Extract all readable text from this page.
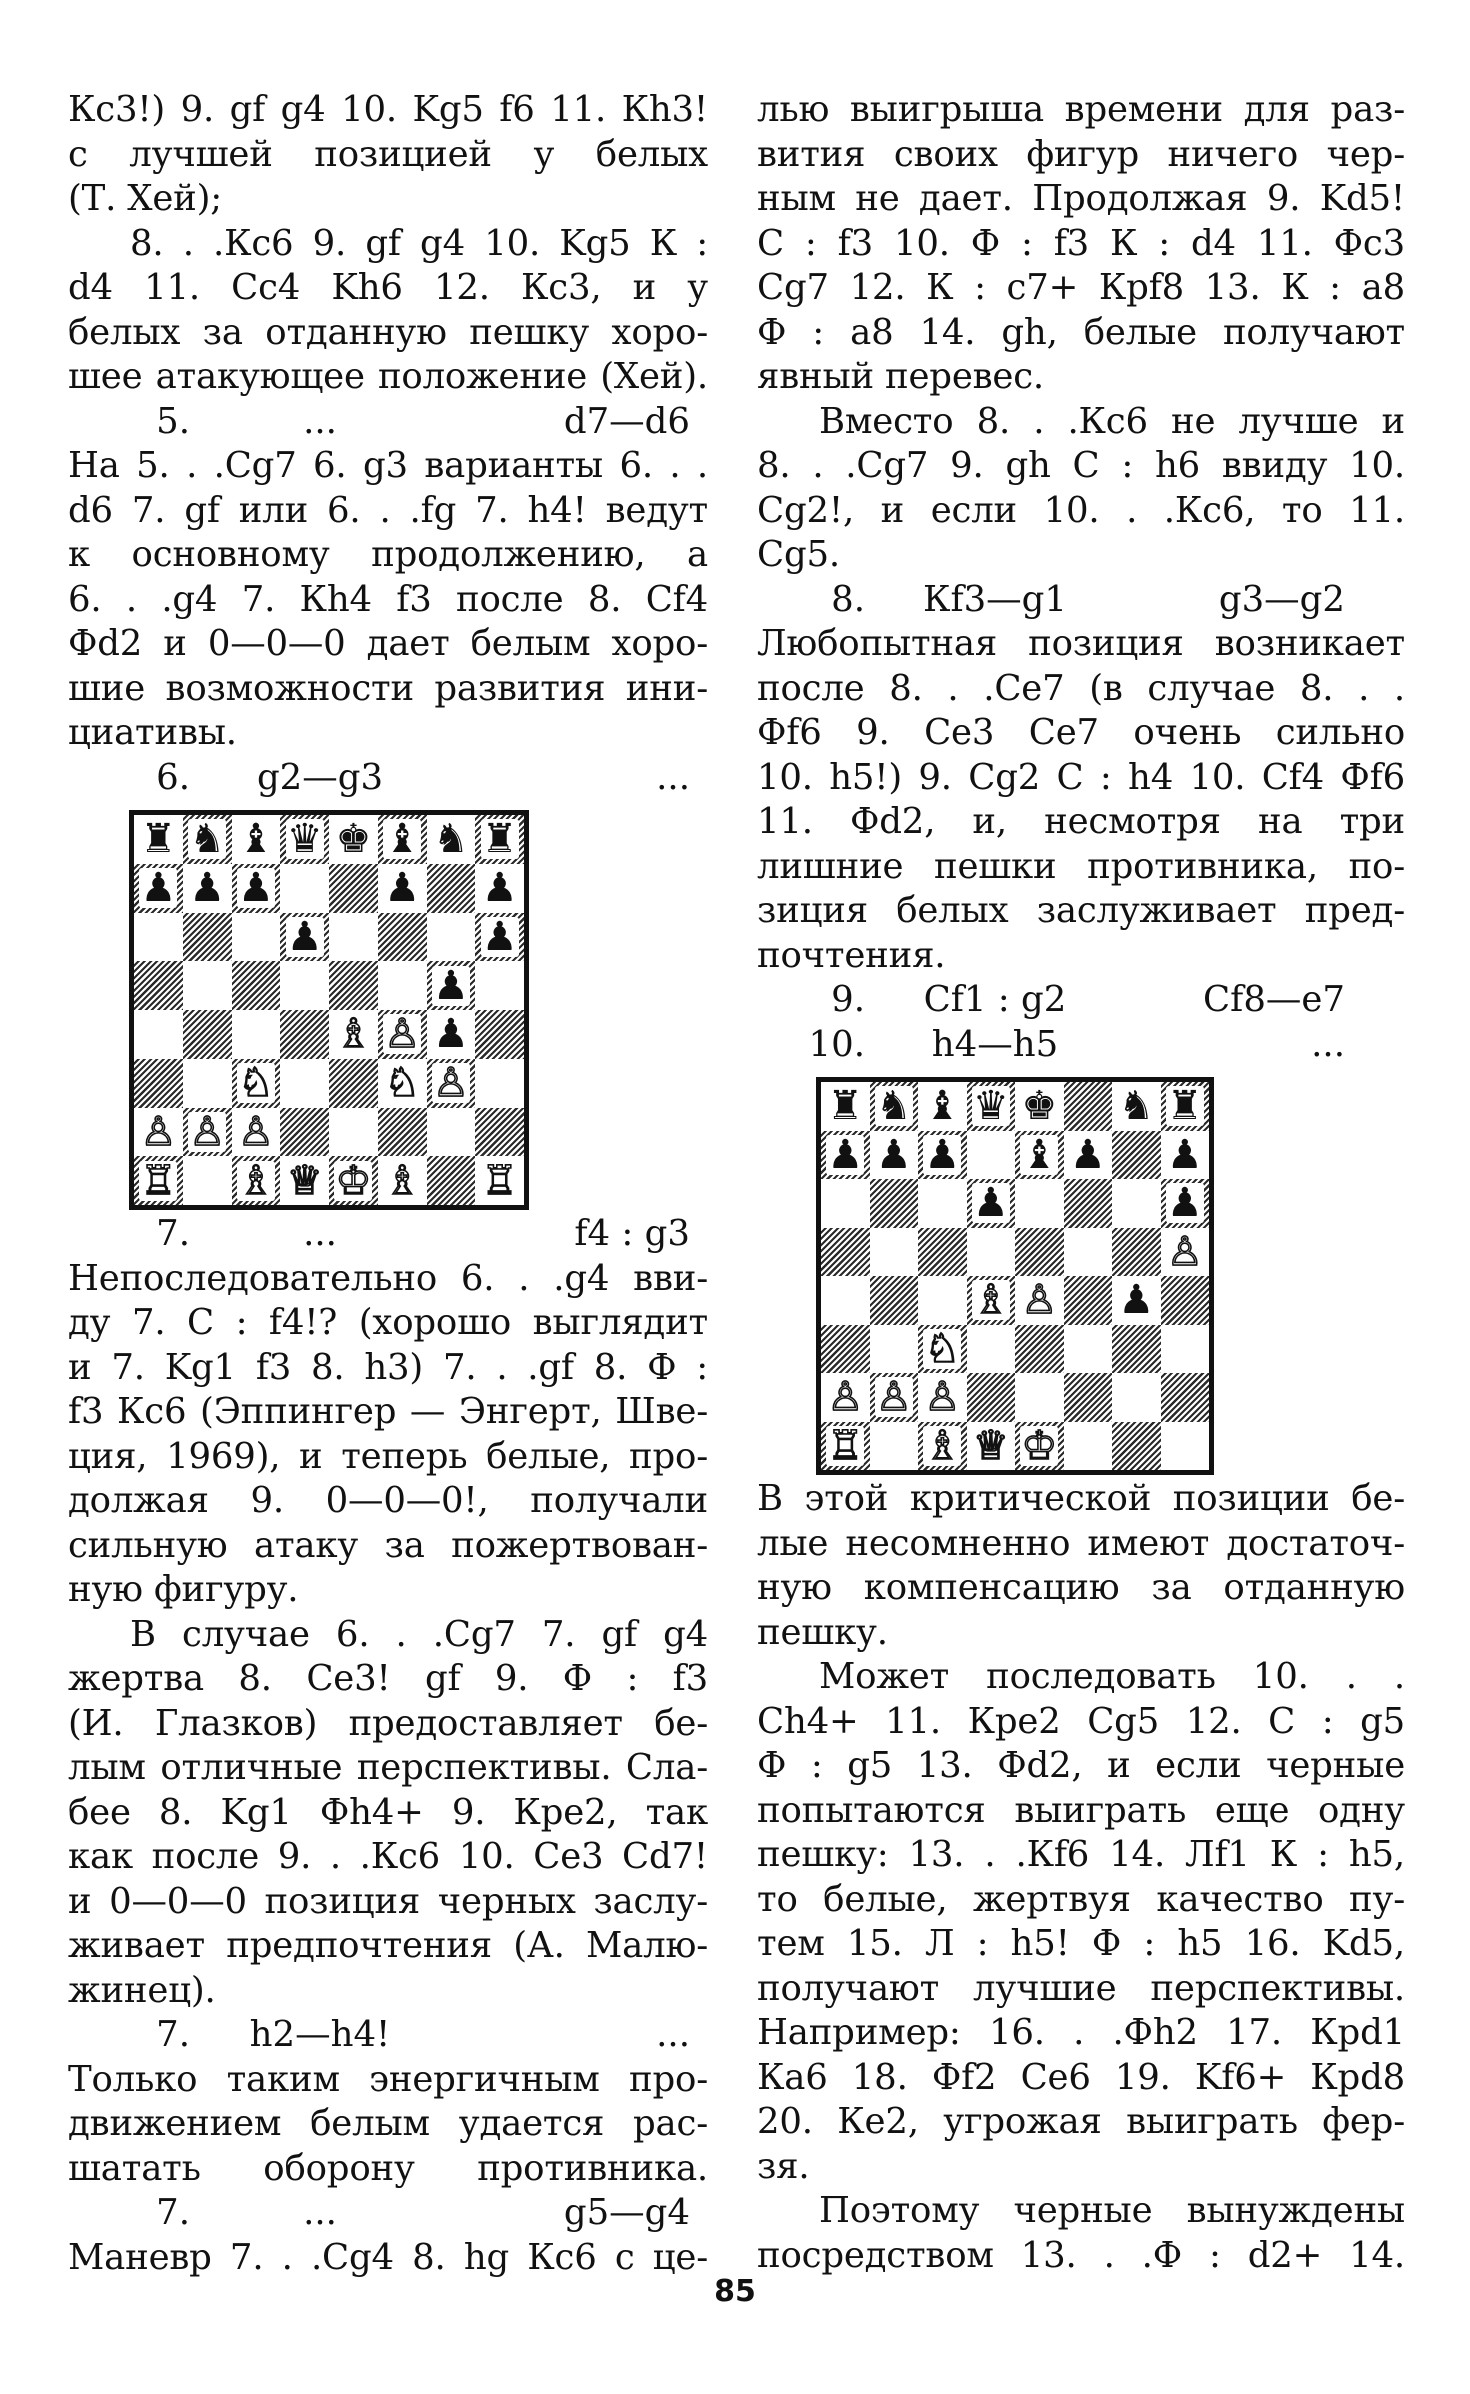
Кс3!) 9. gf g4 10. Kg5 f6 11. Кh3!
с лучшей позицией у белых
(Т. Хей);
8. . .Кс6 9. gf g4 10. Kg5 К :
d4 11. Сс4 Kh6 12. Кс3, и у
белых за отданную пешку хоро-
шее атакующее положение (Хей).
5.	...	d7—d6
На 5. . .Cg7 6. g3 варианты 6. . .
d6 7. gf или 6. . .fg 7. h4! ведут
к основному продолжению, а
6. . .g4 7. Кh4 f3 после 8. Cf4
Фd2 и 0—0—0 дает белым хоро-
шие возможности развития ини-
циативы.
6.	g2—g3	...
♜ ♞ ♝ ♛ ♚ ♝ ♞ ♜
♟ ♟ ♟	♟ ♟
♟	♟
♟
♗ ♙ ♟
♘	♘ ♙
♙ ♙ ♙
♖ ♗ ♕ ♔ ♗ ♖
7.	...	f4 : g3
Непоследовательно 6. . .g4 вви-
ду 7. С : f4!? (хорошо выглядит
и 7. Kg1 f3 8. h3) 7. . .gf 8. Ф :
f3 Кс6 (Эппингер — Энгерт, Шве-
ция, 1969), и теперь белые, про-
должая 9. 0—0—0!, получали
сильную атаку за пожертвован-
ную фигуру.
В случае 6. . .Cg7 7. gf g4
жертва 8. Се3! gf 9. Ф : f3
(И. Глазков) предоставляет бе-
лым отличные перспективы. Сла-
бее 8. Kg1 Фh4+ 9. Крe2, так
как после 9. . .Кс6 10. Се3 Cd7!
и 0—0—0 позиция черных заслу-
живает предпочтения (А. Малю-
жинец).
7.	h2—h4!	...
Только таким энергичным про-
движением белым удается рас-
шатать оборону противника.
7.	...	g5—g4
Маневр 7. . .Cg4 8. hg Кс6 с це-
лью выигрыша времени для раз-
вития своих фигур ничего чер-
ным не дает. Продолжая 9. Kd5!
С : f3 10. Ф : f3 К : d4 11. Фс3
Cg7 12. К : с7+ Крf8 13. К : а8
Ф : а8 14. gh, белые получают
явный перевес.
Вместо 8. . .Кс6 не лучше и
8. . .Cg7 9. gh С : h6 ввиду 10.
Cg2!, и если 10. . .Кс6, то 11.
Cg5.
8.	Кf3—g1	g3—g2
Любопытная позиция возникает
после 8. . .Се7 (в случае 8. . .
Фf6 9. Се3 Се7 очень сильно
10. h5!) 9. Cg2 С : h4 10. Cf4 Фf6
11. Фd2, и, несмотря на три
лишние пешки противника, по-
зиция белых заслуживает пред-
почтения.
9.	Сf1 : g2	Cf8—e7
10.	h4—h5	...
♜ ♞ ♝ ♛ ♚ ♞ ♜
♟ ♟ ♟ ♝ ♟ ♟
♟	♟
♙
♗ ♙ ♟
♘
♙ ♙ ♙
♖ ♗ ♕ ♔
В этой критической позиции бе-
лые несомненно имеют достаточ-
ную компенсацию за отданную
пешку.
Может последовать 10. . .
Ch4+ 11. Кре2 Cg5 12. С : g5
Ф : g5 13. Фd2, и если черные
попытаются выиграть еще одну
пешку: 13. . .Кf6 14. Лf1 К : h5,
то белые, жертвуя качество пу-
тем 15. Л : h5! Ф : h5 16. Kd5,
получают лучшие перспективы.
Например: 16. . .Фh2 17. Крd1
Ка6 18. Фf2 Се6 19. Kf6+ Крd8
20. Ке2, угрожая выиграть фер-
зя.
Поэтому черные вынуждены
посредством 13. . .Ф : d2+ 14.
85
